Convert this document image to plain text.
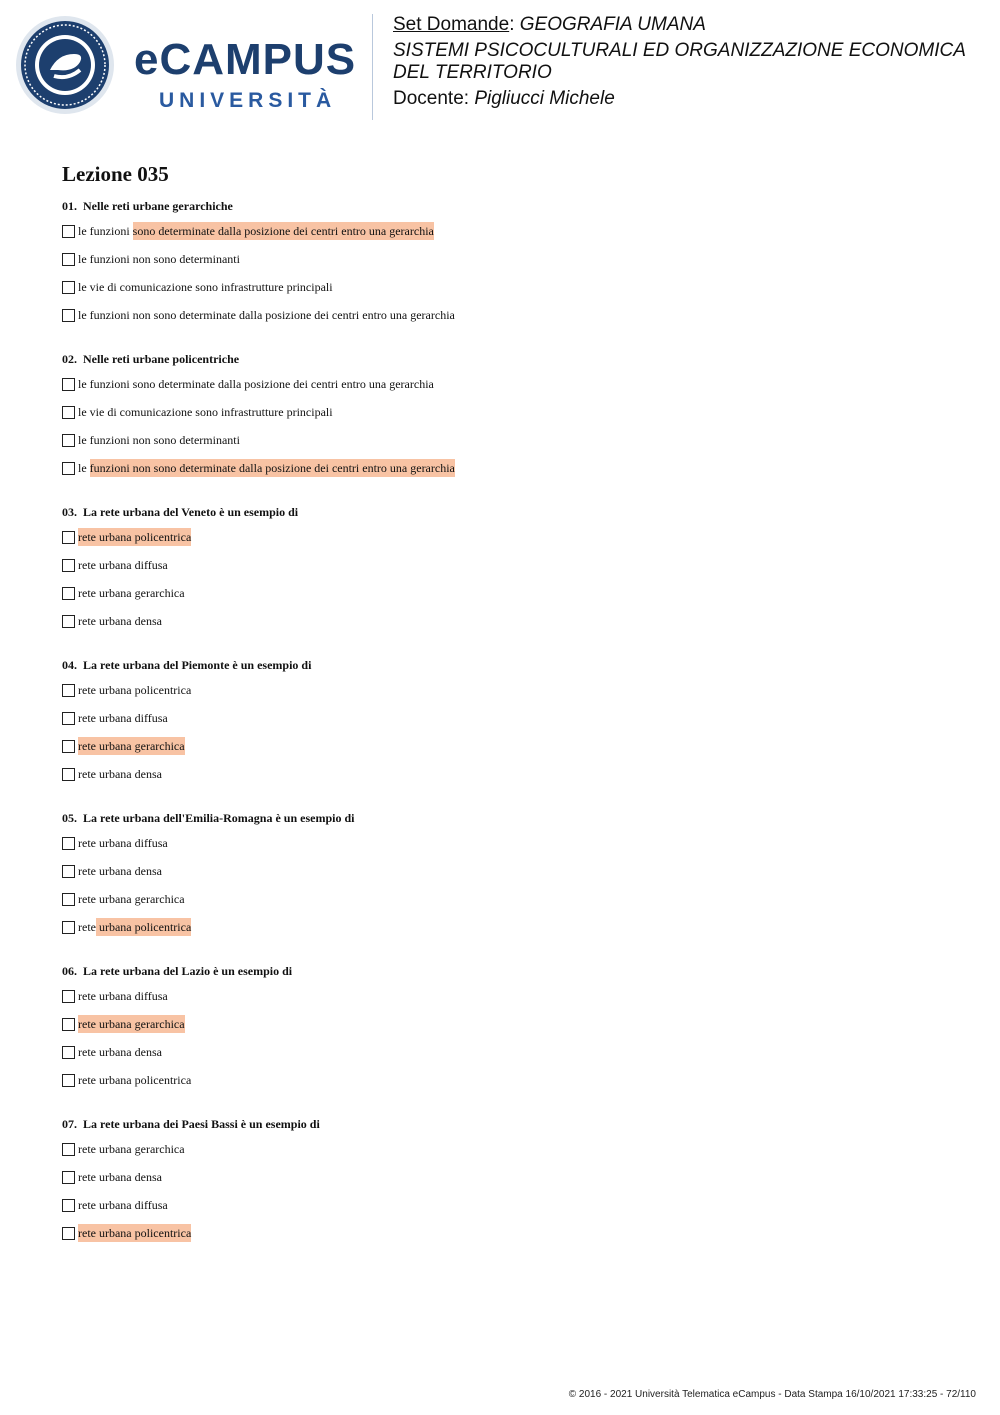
eCAMPUS
UNIVERSITÀ

Set Domande: GEOGRAFIA UMANA

SISTEMI PSICOCULTURALI ED ORGANIZZAZIONE ECONOMICA DEL TERRITORIO

Docente: Pigliucci Michele

Lezione 035
01. Nelle reti urbane gerarchiche
le funzioni sono determinate dalla posizione dei centri entro una gerarchia
le funzioni non sono determinanti
le vie di comunicazione sono infrastrutture principali
le funzioni non sono determinate dalla posizione dei centri entro una gerarchia
02. Nelle reti urbane policentriche
le funzioni sono determinate dalla posizione dei centri entro una gerarchia
le vie di comunicazione sono infrastrutture principali
le funzioni non sono determinanti
le funzioni non sono determinate dalla posizione dei centri entro una gerarchia
03. La rete urbana del Veneto è un esempio di
rete urbana policentrica
rete urbana diffusa
rete urbana gerarchica
rete urbana densa
04. La rete urbana del Piemonte è un esempio di
rete urbana policentrica
rete urbana diffusa
rete urbana gerarchica
rete urbana densa
05. La rete urbana dell'Emilia-Romagna è un esempio di
rete urbana diffusa
rete urbana densa
rete urbana gerarchica
rete urbana policentrica
06. La rete urbana del Lazio è un esempio di
rete urbana diffusa
rete urbana gerarchica
rete urbana densa
rete urbana policentrica
07. La rete urbana dei Paesi Bassi è un esempio di
rete urbana gerarchica
rete urbana densa
rete urbana diffusa
rete urbana policentrica
© 2016 - 2021 Università Telematica eCampus - Data Stampa 16/10/2021 17:33:25 - 72/110
